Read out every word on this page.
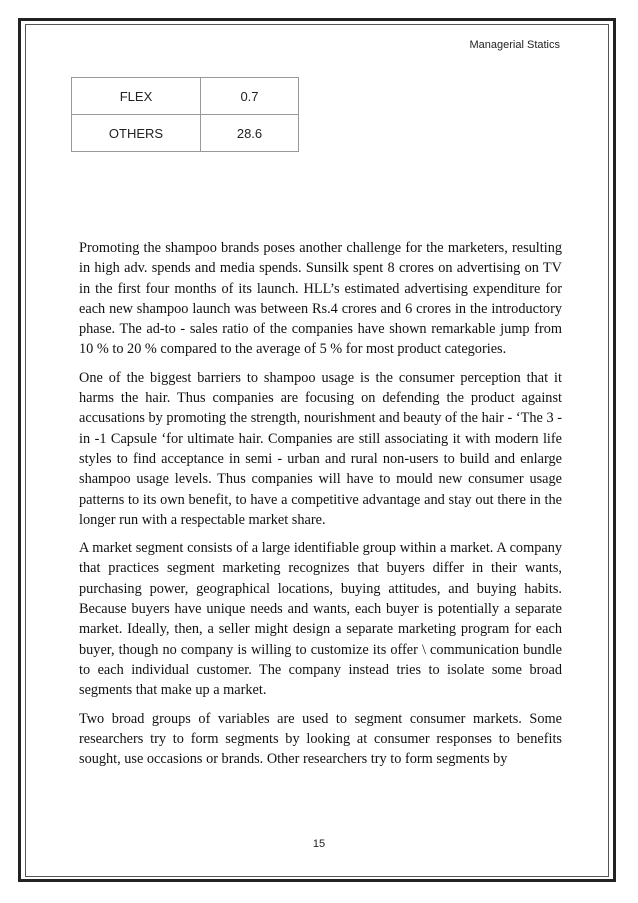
Managerial Statics
FLEX	0.7
OTHERS	28.6

Promoting the shampoo brands poses another challenge for the marketers, resulting in high adv. spends and media spends. Sunsilk spent 8 crores on advertising on TV in the first four months of its launch. HLL’s estimated advertising expenditure for each new shampoo launch was between Rs.4 crores and 6 crores in the introductory phase. The ad-to - sales ratio of the companies have shown remarkable jump from 10 % to 20 % compared to the average of 5 % for most product categories.

One of the biggest barriers to shampoo usage is the consumer perception that it harms the hair. Thus companies are focusing on defending the product against accusations by promoting the strength, nourishment and beauty of the hair - ‘The 3 - in -1 Capsule ‘for ultimate hair. Companies are still associating it with modern life styles to find acceptance in semi - urban and rural non-users to build and enlarge shampoo usage levels. Thus companies will have to mould new consumer usage patterns to its own benefit, to have a competitive advantage and stay out there in the longer run with a respectable market share.

A market segment consists of a large identifiable group within a market. A company that practices segment marketing recognizes that buyers differ in their wants, purchasing power, geographical locations, buying attitudes, and buying habits. Because buyers have unique needs and wants, each buyer is potentially a separate market. Ideally, then, a seller might design a separate marketing program for each buyer, though no company is willing to customize its offer \ communication bundle to each individual customer. The company instead tries to isolate some broad segments that make up a market.

Two broad groups of variables are used to segment consumer markets. Some researchers try to form segments by looking at consumer responses to benefits sought, use occasions or brands. Other researchers try to form segments by

15
